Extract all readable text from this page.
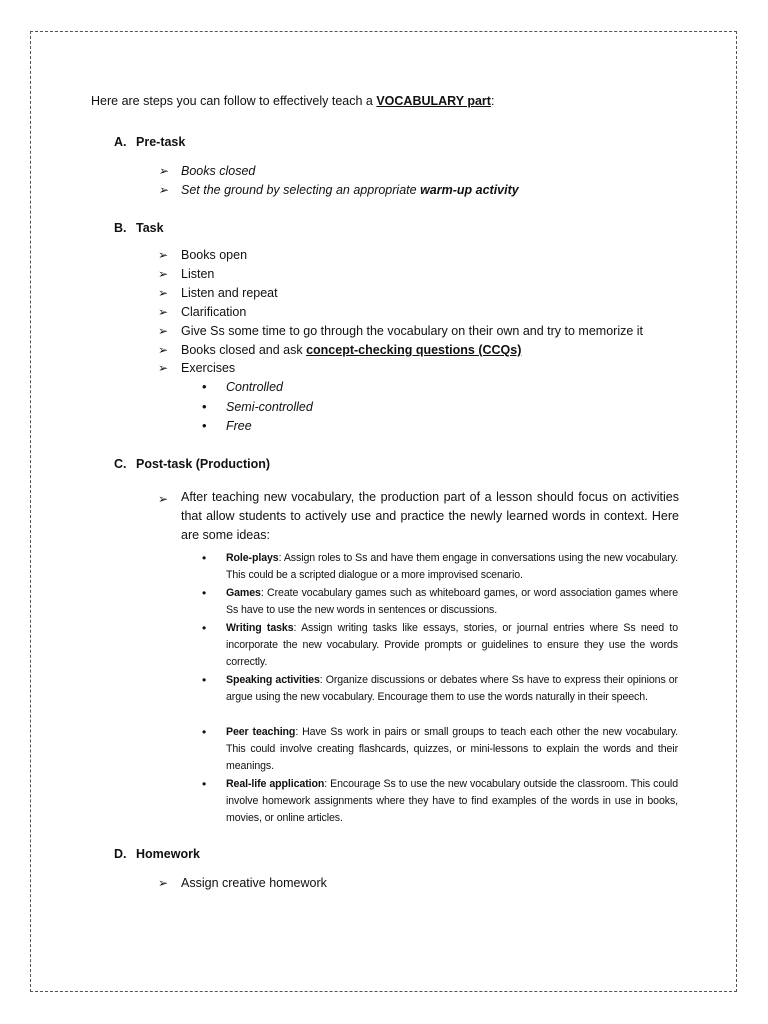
Here are steps you can follow to effectively teach a VOCABULARY part:
A. Pre-task
➢ Books closed
➢ Set the ground by selecting an appropriate warm-up activity
B. Task
➢ Books open
➢ Listen
➢ Listen and repeat
➢ Clarification
➢ Give Ss some time to go through the vocabulary on their own and try to memorize it
➢ Books closed and ask concept-checking questions (CCQs)
➢ Exercises
• Controlled
• Semi-controlled
• Free
C. Post-task (Production)
➢ After teaching new vocabulary, the production part of a lesson should focus on activities that allow students to actively use and practice the newly learned words in context. Here are some ideas:
• Role-plays: Assign roles to Ss and have them engage in conversations using the new vocabulary. This could be a scripted dialogue or a more improvised scenario.
• Games: Create vocabulary games such as whiteboard games, or word association games where Ss have to use the new words in sentences or discussions.
• Writing tasks: Assign writing tasks like essays, stories, or journal entries where Ss need to incorporate the new vocabulary. Provide prompts or guidelines to ensure they use the words correctly.
• Speaking activities: Organize discussions or debates where Ss have to express their opinions or argue using the new vocabulary. Encourage them to use the words naturally in their speech.
• Peer teaching: Have Ss work in pairs or small groups to teach each other the new vocabulary. This could involve creating flashcards, quizzes, or mini-lessons to explain the words and their meanings.
• Real-life application: Encourage Ss to use the new vocabulary outside the classroom. This could involve homework assignments where they have to find examples of the words in use in books, movies, or online articles.
D. Homework
➢ Assign creative homework
